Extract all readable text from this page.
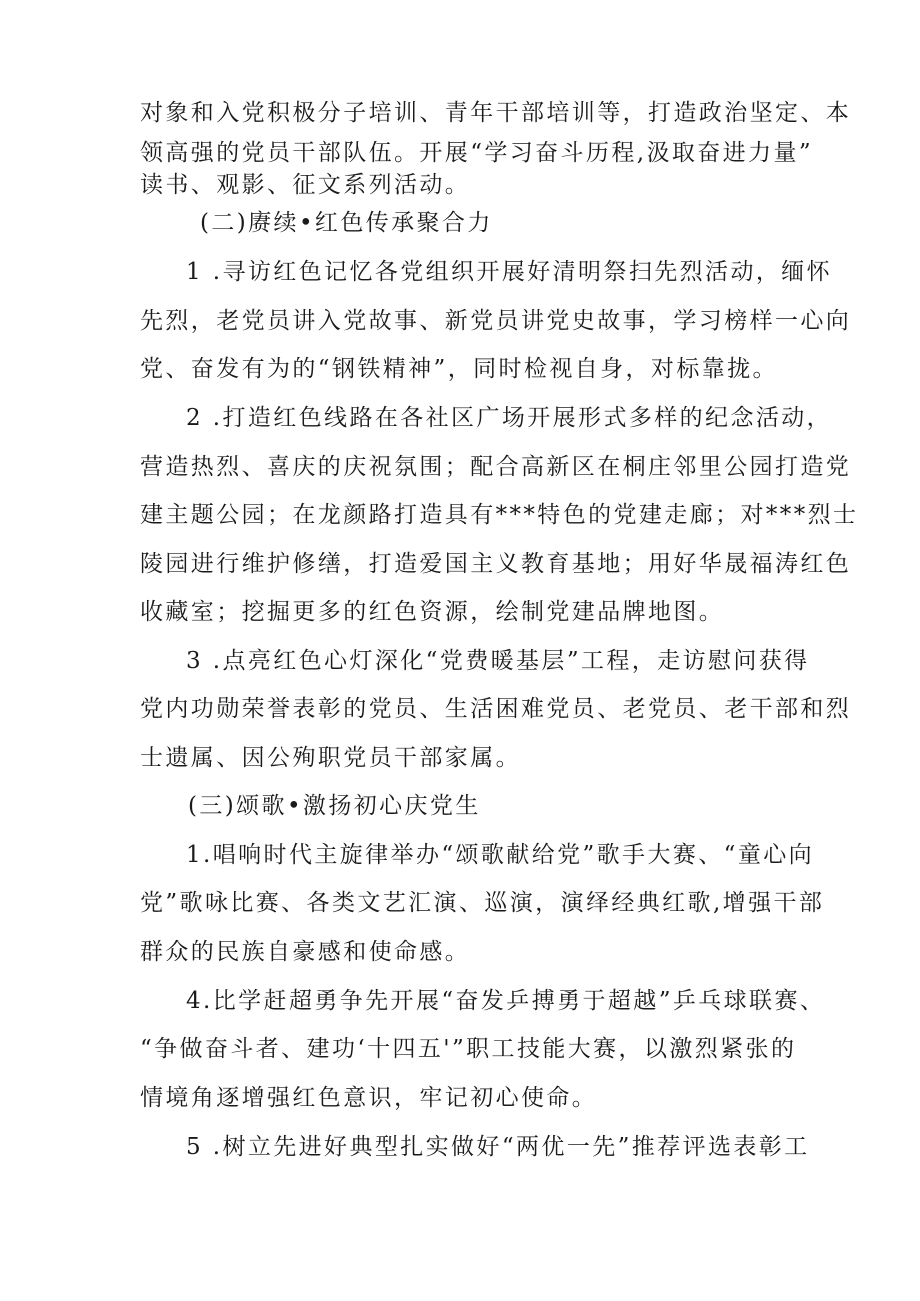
对象和入党积极分子培训、青年干部培训等，打造政治坚定、本
领高强的党员干部队伍。开展“学习奋斗历程,汲取奋进力量”
读书、观影、征文系列活动。
(二)赓续•红色传承聚合力
1 .寻访红色记忆各党组织开展好清明祭扫先烈活动，缅怀
先烈，老党员讲入党故事、新党员讲党史故事，学习榜样一心向
党、奋发有为的“钢铁精神”，同时检视自身，对标靠拢。
2 .打造红色线路在各社区广场开展形式多样的纪念活动，
营造热烈、喜庆的庆祝氛围；配合高新区在桐庄邻里公园打造党
建主题公园；在龙颜路打造具有***特色的党建走廊；对***烈士
陵园进行维护修缮，打造爱国主义教育基地；用好华晟福涛红色
收藏室；挖掘更多的红色资源，绘制党建品牌地图。
3 .点亮红色心灯深化“党费暖基层”工程，走访慰问获得
党内功勋荣誉表彰的党员、生活困难党员、老党员、老干部和烈
士遗属、因公殉职党员干部家属。
(三)颂歌•激扬初心庆党生
1.唱响时代主旋律举办“颂歌献给党”歌手大赛、“童心向
党”歌咏比赛、各类文艺汇演、巡演，演绎经典红歌,增强干部
群众的民族自豪感和使命感。
4.比学赶超勇争先开展“奋发乒搏勇于超越”乒乓球联赛、
“争做奋斗者、建功‘十四五'”职工技能大赛，以激烈紧张的
情境角逐增强红色意识，牢记初心使命。
5 .树立先进好典型扎实做好“两优一先”推荐评选表彰工
